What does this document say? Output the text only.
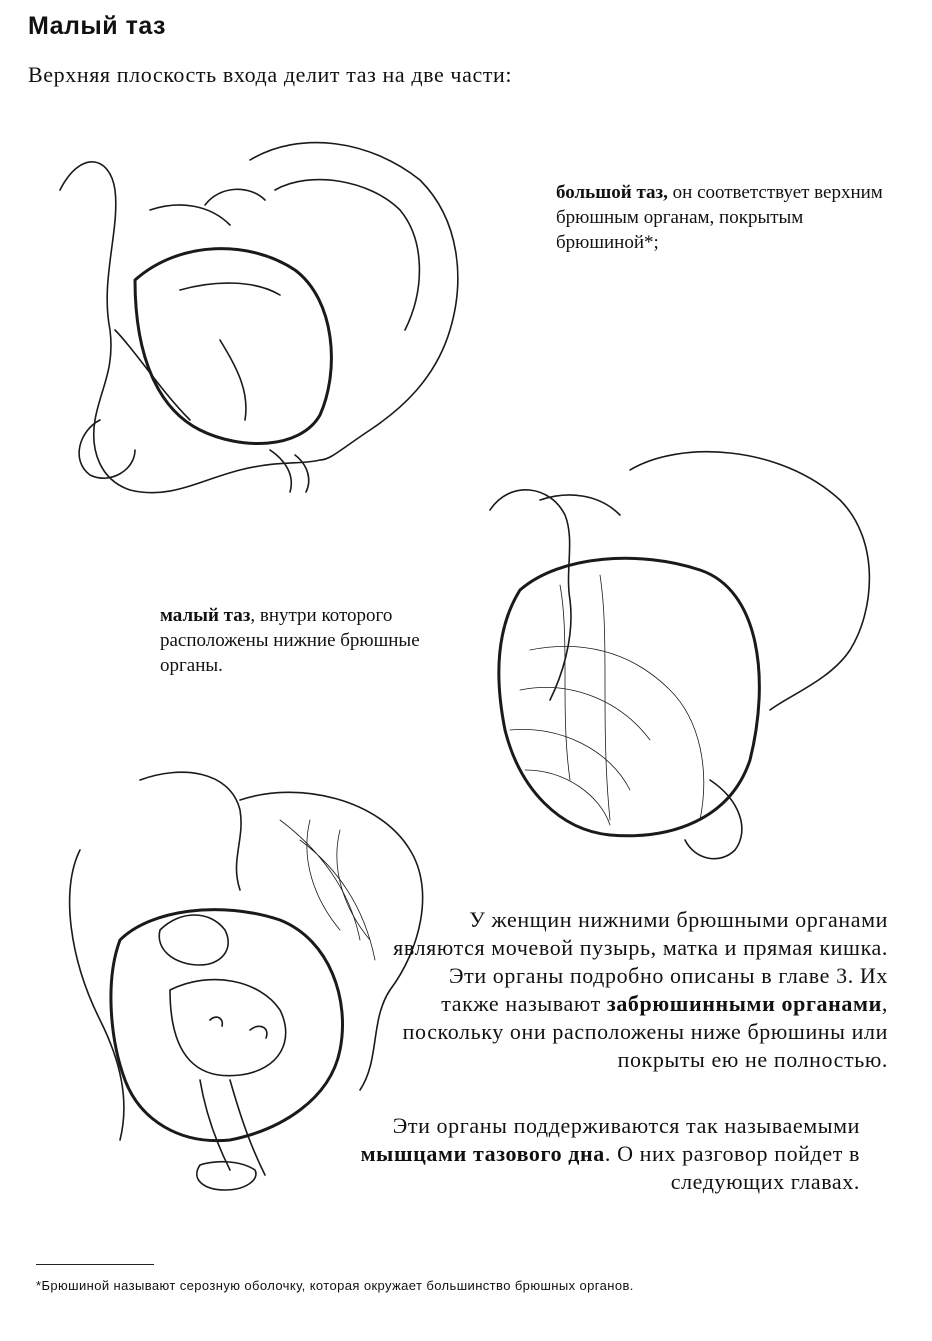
Малый таз
Верхняя плоскость входа делит таз на две части:
большой таз, он соответствует верхним брюшным органам, покрытым брюшиной*;
малый таз, внутри которого расположены нижние брюшные органы.
У женщин нижними брюшными органами являются мочевой пузырь, матка и прямая кишка. Эти органы подробно описаны в главе 3. Их также называют забрюшинными органами, поскольку они расположены ниже брюшины или покрыты ею не полностью.
Эти органы поддерживаются так называемыми мышцами тазового дна. О них разговор пойдет в следующих главах.
*Брюшиной называют серозную оболочку, которая окружает большинство брюшных органов.
